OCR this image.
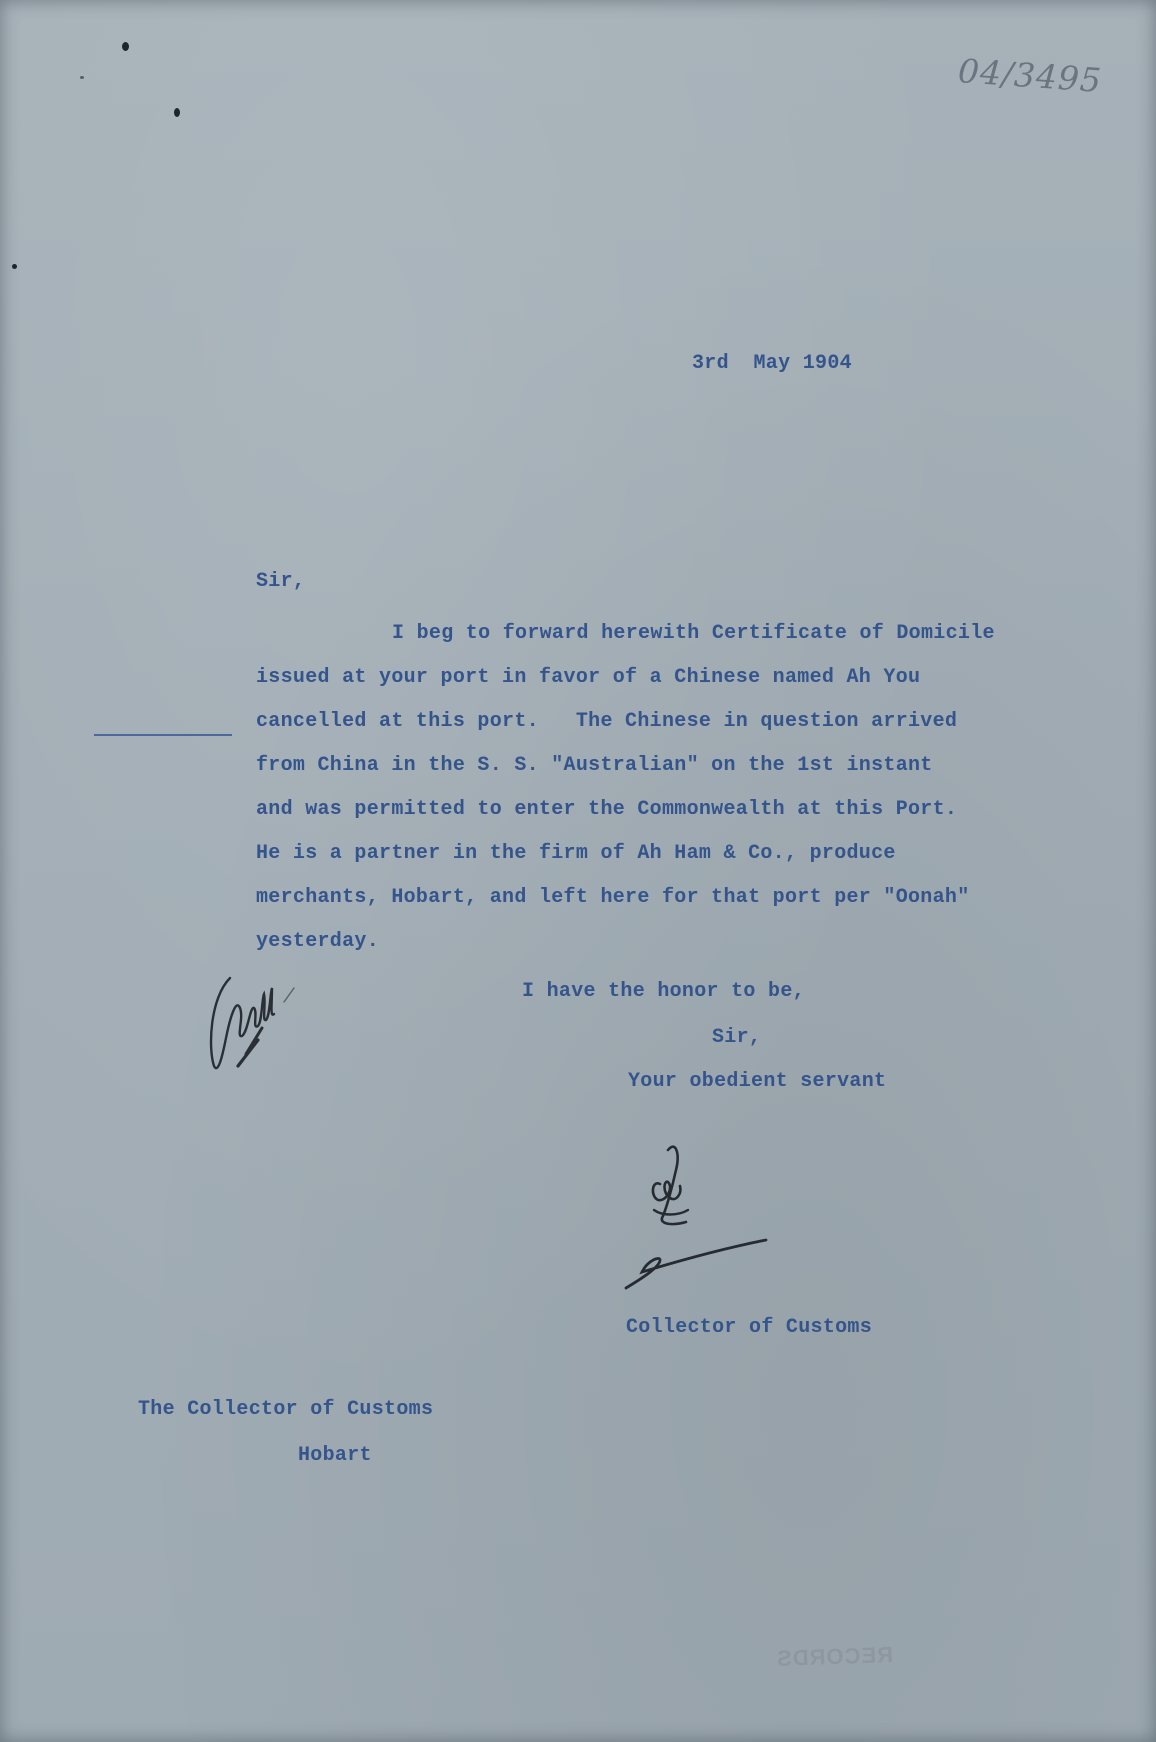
04/3495
3rd  May 1904
Sir,
I beg to forward herewith Certificate of Domicile
issued at your port in favor of a Chinese named Ah You
cancelled at this port.   The Chinese in question arrived
from China in the S. S. "Australian" on the 1st instant
and was permitted to enter the Commonwealth at this Port.
He is a partner in the firm of Ah Ham & Co., produce
merchants, Hobart, and left here for that port per "Oonah"
yesterday.
I have the honor to be,
Sir,
Your obedient servant
Collector of Customs
The Collector of Customs
Hobart
RECORDS
